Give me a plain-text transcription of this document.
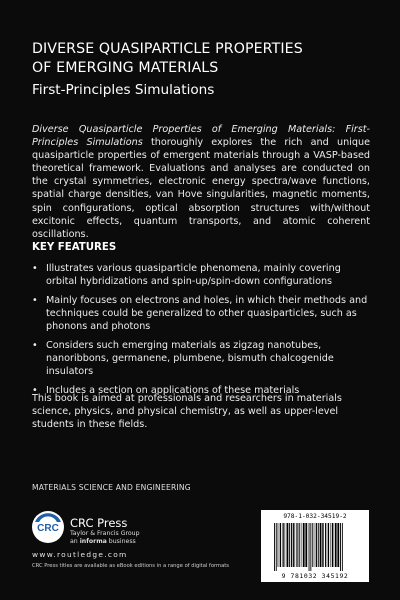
DIVERSE QUASIPARTICLE PROPERTIES
OF EMERGING MATERIALS
First-Principles Simulations

Diverse Quasiparticle Properties of Emerging Materials: First-Principles Simulations thoroughly explores the rich and unique quasiparticle properties of emergent materials through a VASP-based theoretical framework. Evaluations and analyses are conducted on the crystal symmetries, electronic energy spectra/wave functions, spatial charge densities, van Hove singularities, magnetic moments, spin configurations, optical absorption structures with/without excitonic effects, quantum transports, and atomic coherent oscillations.

KEY FEATURES
• Illustrates various quasiparticle phenomena, mainly covering orbital hybridizations and spin-up/spin-down configurations
• Mainly focuses on electrons and holes, in which their methods and techniques could be generalized to other quasiparticles, such as phonons and photons
• Considers such emerging materials as zigzag nanotubes, nanoribbons, germanene, plumbene, bismuth chalcogenide insulators
• Includes a section on applications of these materials

This book is aimed at professionals and researchers in materials science, physics, and physical chemistry, as well as upper-level students in these fields.

MATERIALS SCIENCE AND ENGINEERING
CRC CRC Press
Taylor & Francis Group
an informa business
www.routledge.com
CRC Press titles are available as eBook editions in a range of digital formats
978-1-032-34519-2
9 781032 345192
